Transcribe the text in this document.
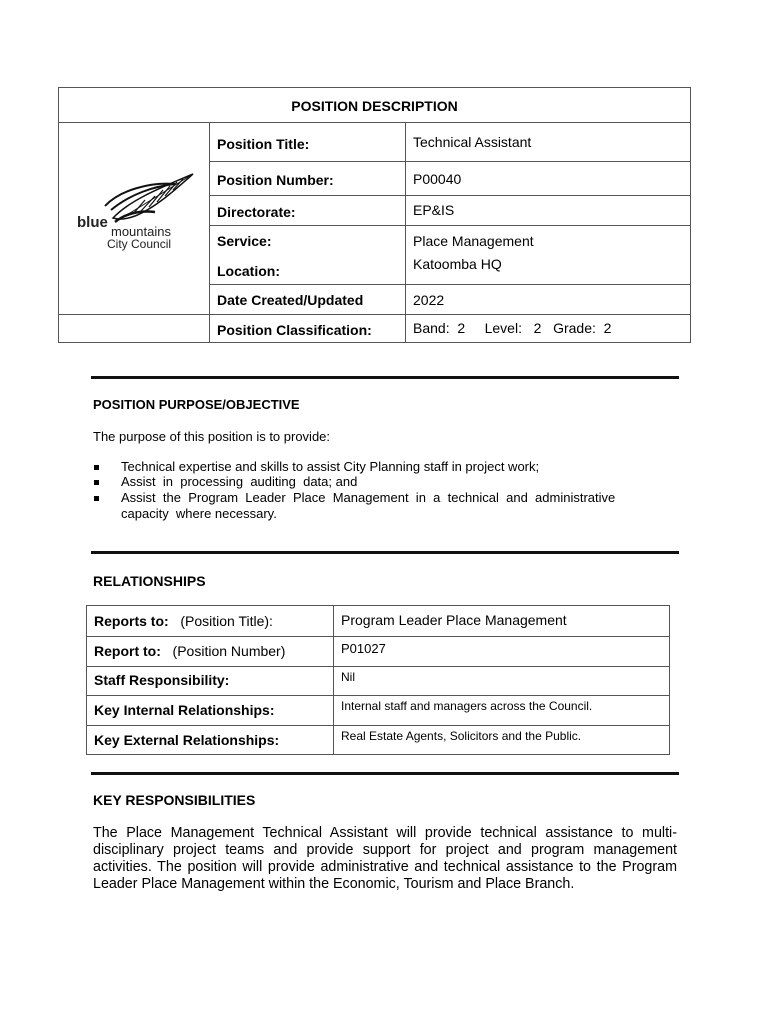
POSITION DESCRIPTION
Position Title:	Technical Assistant
Position Number:	P00040
Directorate:	EP&IS
Service:	Place Management
Location:	Katoomba HQ
Date Created/Updated	2022
Position Classification:	Band:  2     Level:   2   Grade:  2
blue
mountains
City Council
POSITION PURPOSE/OBJECTIVE
The purpose of this position is to provide:
Technical expertise and skills to assist City Planning staff in project work;
Assist  in  processing  auditing  data; and
Assist  the  Program  Leader  Place  Management  in  a  technical  and  administrative
capacity  where necessary.
RELATIONSHIPS
Reports to:   (Position Title):	Program Leader Place Management
Report to:   (Position Number)	P01027
Staff Responsibility:	Nil
Key Internal Relationships:	Internal staff and managers across the Council.
Key External Relationships:	Real Estate Agents, Solicitors and the Public.
KEY RESPONSIBILITIES
The Place Management Technical Assistant will provide technical assistance to multi-disciplinary project teams and provide support for project and program management activities. The position will provide administrative and technical assistance to the Program Leader Place Management within the Economic, Tourism and Place Branch.
